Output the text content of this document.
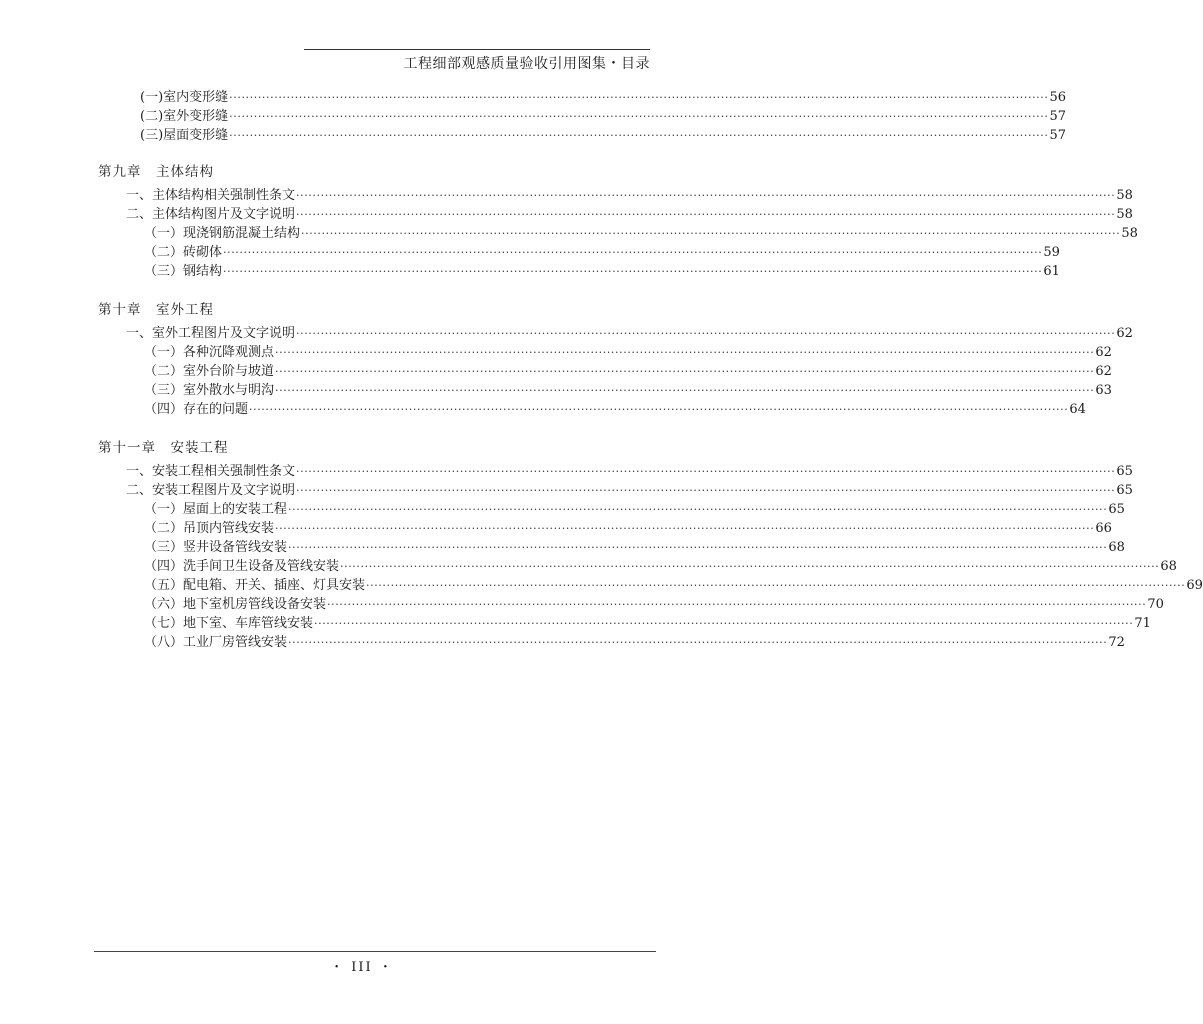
工程细部观感质量验收引用图集・目录
(一)室内变形缝 ········································································································································································································ 56
(二)室外变形缝 ········································································································································································································ 57
(三)屋面变形缝 ········································································································································································································ 57
第九章　主体结构
一、主体结构相关强制性条文 ········································································································································································································ 58
二、主体结构图片及文字说明 ········································································································································································································ 58
（一）现浇钢筋混凝土结构 ········································································································································································································ 58
（二）砖砌体 ········································································································································································································ 59
（三）钢结构 ········································································································································································································ 61
第十章　室外工程
一、室外工程图片及文字说明 ········································································································································································································ 62
（一）各种沉降观测点 ········································································································································································································ 62
（二）室外台阶与坡道 ········································································································································································································ 62
（三）室外散水与明沟 ········································································································································································································ 63
（四）存在的问题 ········································································································································································································ 64
第十一章　安装工程
一、安装工程相关强制性条文 ········································································································································································································ 65
二、安装工程图片及文字说明 ········································································································································································································ 65
（一）屋面上的安装工程 ········································································································································································································ 65
（二）吊顶内管线安装 ········································································································································································································ 66
（三）竖井设备管线安装 ········································································································································································································ 68
（四）洗手间卫生设备及管线安装 ········································································································································································································ 68
（五）配电箱、开关、插座、灯具安装 ········································································································································································································ 69
（六）地下室机房管线设备安装 ········································································································································································································ 70
（七）地下室、车库管线安装 ········································································································································································································ 71
（八）工业厂房管线安装 ········································································································································································································ 72
・ III ・
